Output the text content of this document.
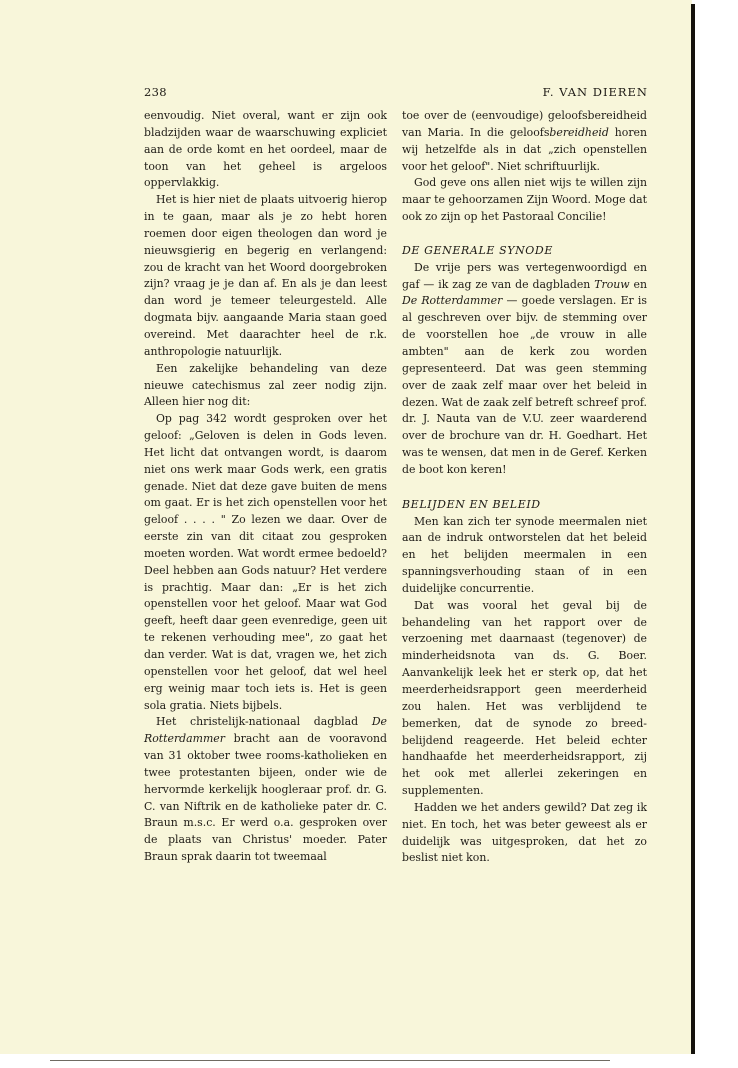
238	F. VAN DIEREN

eenvoudig. Niet overal, want er zijn ook bladzijden waar de waarschuwing expliciet aan de orde komt en het oordeel, maar de toon van het geheel is argeloos oppervlakkig.

Het is hier niet de plaats uitvoerig hierop in te gaan, maar als je zo hebt horen roemen door eigen theologen dan word je nieuwsgierig en begerig en verlangend: zou de kracht van het Woord doorgebroken zijn? vraag je je dan af. En als je dan leest dan word je temeer teleurgesteld. Alle dogmata bijv. aangaande Maria staan goed overeind. Met daarachter heel de r.k. anthropologie natuurlijk.

Een zakelijke behandeling van deze nieuwe catechismus zal zeer nodig zijn. Alleen hier nog dit:

Op pag 342 wordt gesproken over het geloof: „Geloven is delen in Gods leven. Het licht dat ontvangen wordt, is daarom niet ons werk maar Gods werk, een gratis genade. Niet dat deze gave buiten de mens om gaat. Er is het zich openstellen voor het geloof . . . . " Zo lezen we daar. Over de eerste zin van dit citaat zou gesproken moeten worden. Wat wordt ermee bedoeld? Deel hebben aan Gods natuur? Het verdere is prachtig. Maar dan: „Er is het zich openstellen voor het geloof. Maar wat God geeft, heeft daar geen evenredige, geen uit te rekenen verhouding mee", zo gaat het dan verder. Wat is dat, vragen we, het zich openstellen voor het geloof, dat wel heel erg weinig maar toch iets is. Het is geen sola gratia. Niets bijbels.

Het christelijk-nationaal dagblad De Rotterdammer bracht aan de vooravond van 31 oktober twee rooms-katholieken en twee protestanten bijeen, onder wie de hervormde kerkelijk hoogleraar prof. dr. G. C. van Niftrik en de katholieke pater dr. C. Braun m.s.c. Er werd o.a. gesproken over de plaats van Christus' moeder. Pater Braun sprak daarin tot tweemaal

toe over de (eenvoudige) geloofsbereidheid van Maria. In die geloofsbereidheid horen wij hetzelfde als in dat „zich openstellen voor het geloof". Niet schriftuurlijk.

God geve ons allen niet wijs te willen zijn maar te gehoorzamen Zijn Woord. Moge dat ook zo zijn op het Pastoraal Concilie!

DE GENERALE SYNODE

De vrije pers was vertegenwoordigd en gaf — ik zag ze van de dagbladen Trouw en De Rotterdammer — goede verslagen. Er is al geschreven over bijv. de stemming over de voorstellen hoe „de vrouw in alle ambten" aan de kerk zou worden gepresenteerd. Dat was geen stemming over de zaak zelf maar over het beleid in dezen. Wat de zaak zelf betreft schreef prof. dr. J. Nauta van de V.U. zeer waarderend over de brochure van dr. H. Goedhart. Het was te wensen, dat men in de Geref. Kerken de boot kon keren!

BELIJDEN EN BELEID

Men kan zich ter synode meermalen niet aan de indruk ontworstelen dat het beleid en het belijden meermalen in een spanningsverhouding staan of in een duidelijke concurrentie.

Dat was vooral het geval bij de behandeling van het rapport over de verzoening met daarnaast (tegenover) de minderheidsnota van ds. G. Boer. Aanvankelijk leek het er sterk op, dat het meerderheidsrapport geen meerderheid zou halen. Het was verblijdend te bemerken, dat de synode zo breed-belijdend reageerde. Het beleid echter handhaafde het meerderheidsrapport, zij het ook met allerlei zekeringen en supplementen.

Hadden we het anders gewild? Dat zeg ik niet. En toch, het was beter geweest als er duidelijk was uitgesproken, dat het zo beslist niet kon.
